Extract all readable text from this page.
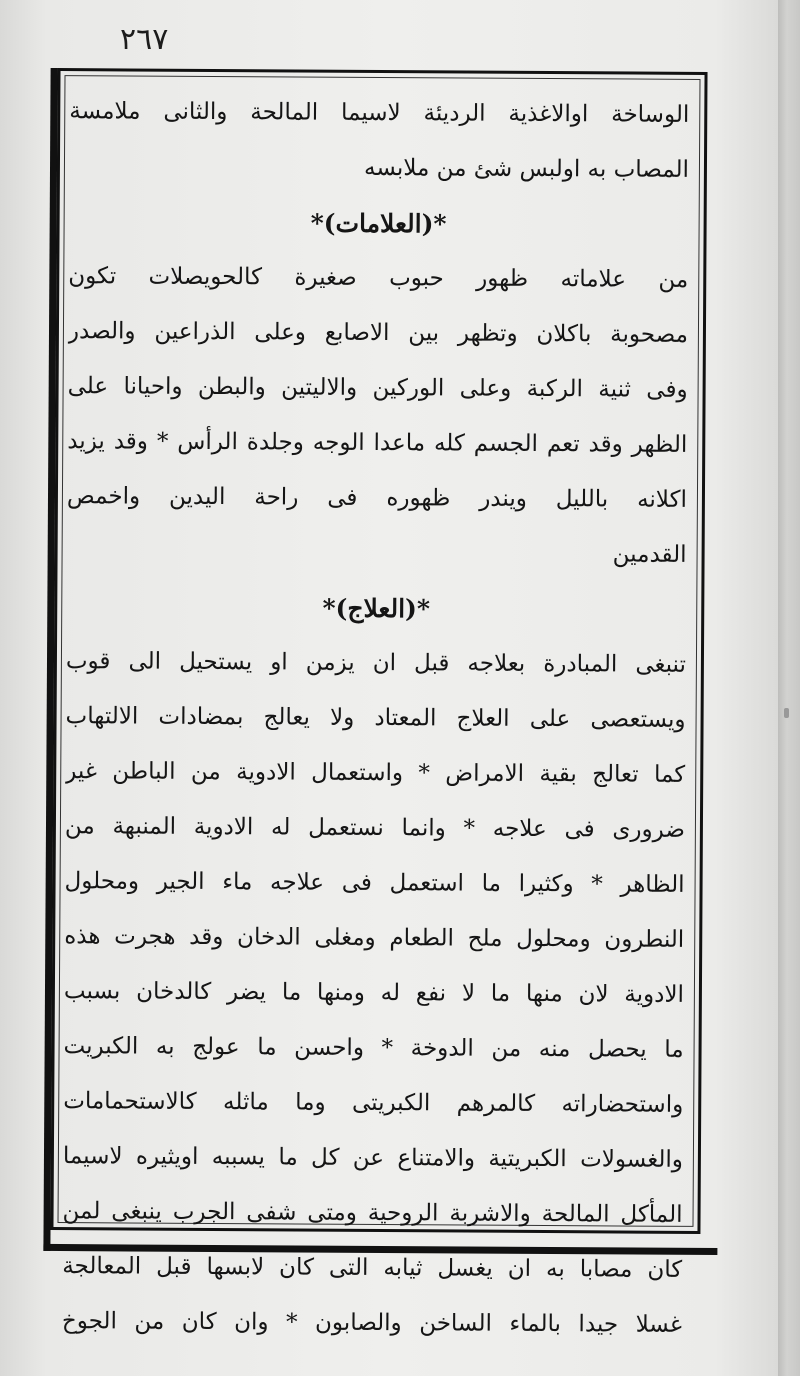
٢٦٧
الوساخة اوالاغذية الرديئة لاسيما المالحة والثانى ملامسة
المصاب به اولبس شئ من ملابسه
*(العلامات)*
من علاماته ظهور حبوب صغيرة كالحويصلات تكون
مصحوبة باكلان وتظهر بين الاصابع وعلى الذراعين والصدر
وفى ثنية الركبة وعلى الوركين والاليتين والبطن واحيانا على
الظهر وقد تعم الجسم كله ماعدا الوجه وجلدة الرأس * وقد يزيد
اكلانه بالليل ويندر ظهوره فى راحة اليدين واخمص
القدمين
*(العلاج)*
تنبغى المبادرة بعلاجه قبل ان يزمن او يستحيل الى قوب
ويستعصى على العلاج المعتاد ولا يعالج بمضادات الالتهاب
كما تعالج بقية الامراض * واستعمال الادوية من الباطن غير
ضرورى فى علاجه * وانما نستعمل له الادوية المنبهة من
الظاهر * وكثيرا ما استعمل فى علاجه ماء الجير ومحلول
النطرون ومحلول ملح الطعام ومغلى الدخان وقد هجرت هذه
الادوية لان منها ما لا نفع له ومنها ما يضر كالدخان بسبب
ما يحصل منه من الدوخة * واحسن ما عولج به الكبريت
واستحضاراته كالمرهم الكبريتى وما ماثله كالاستحمامات
والغسولات الكبريتية والامتناع عن كل ما يسببه اويثيره لاسيما
المأكل المالحة والاشربة الروحية ومتى شفى الجرب ينبغى لمن
كان مصابا به ان يغسل ثيابه التى كان لابسها قبل المعالجة
غسلا جيدا بالماء الساخن والصابون * وان كان من الجوخ
